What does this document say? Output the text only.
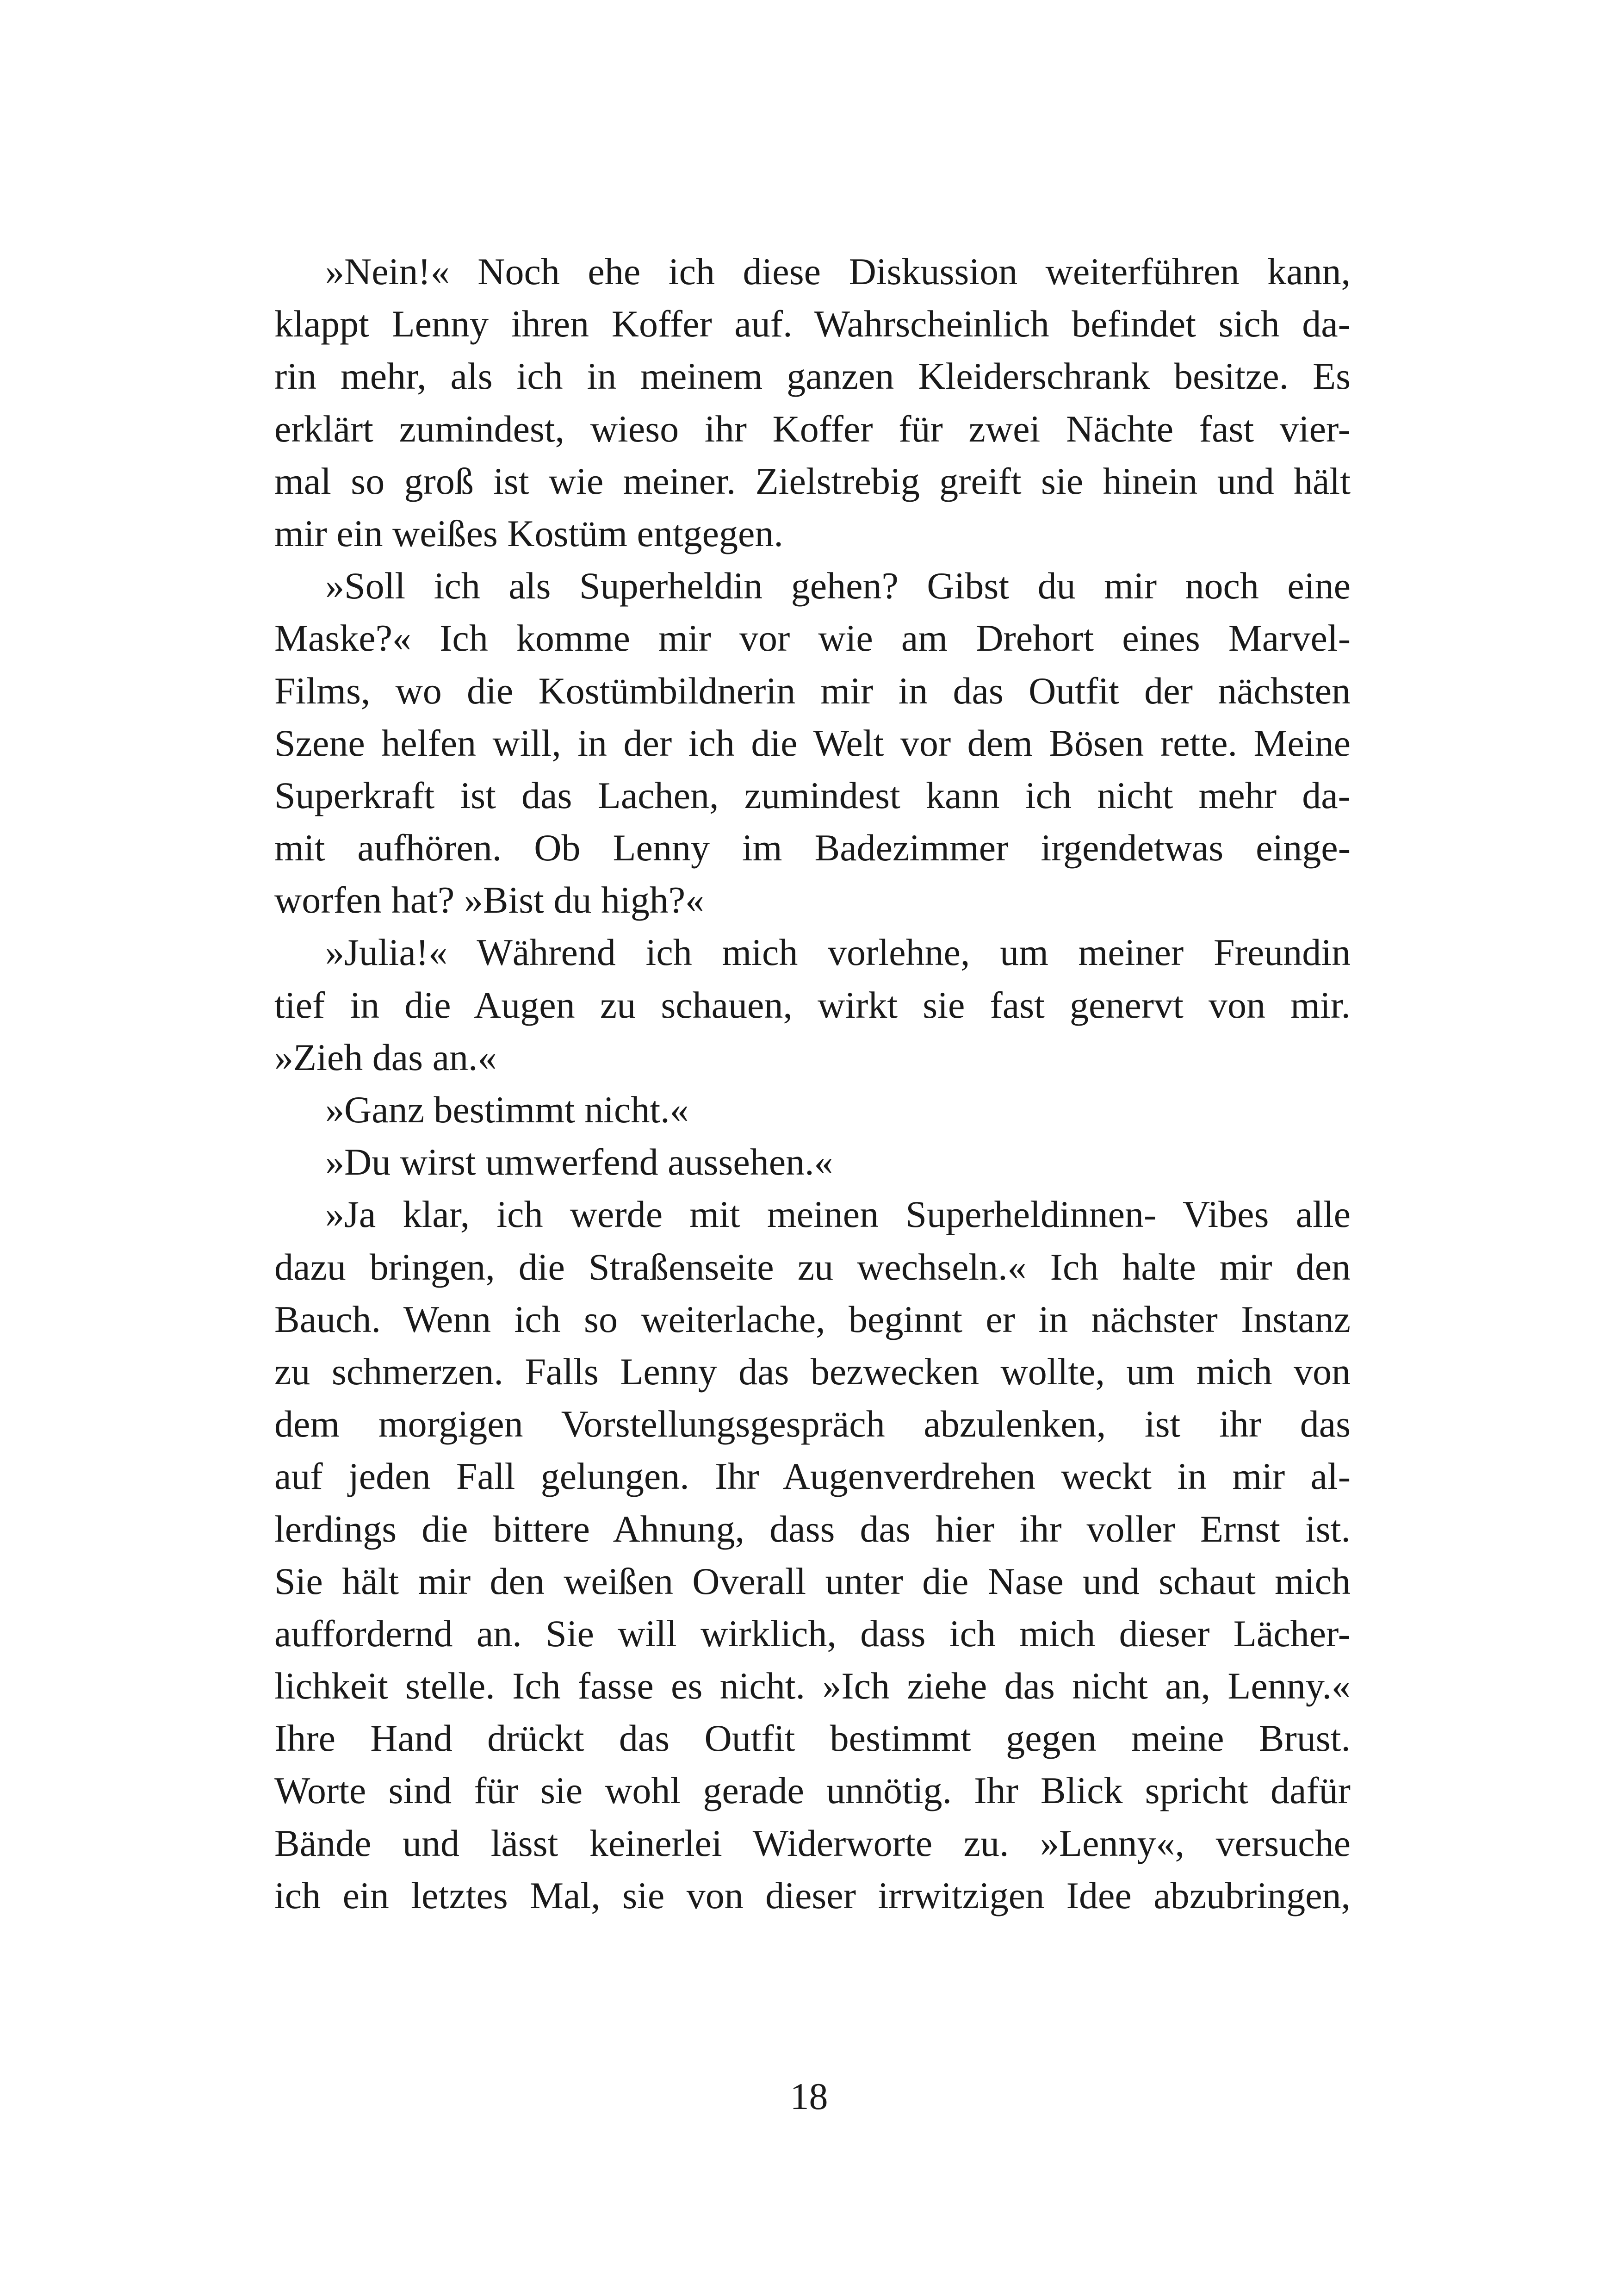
»Nein!« Noch ehe ich diese Diskussion weiterführen kann,
klappt Lenny ihren Koffer auf. Wahrscheinlich befindet sich da-
rin mehr, als ich in meinem ganzen Kleiderschrank besitze. Es
erklärt zumindest, wieso ihr Koffer für zwei Nächte fast vier-
mal so groß ist wie meiner. Zielstrebig greift sie hinein und hält
mir ein weißes Kostüm entgegen.
»Soll ich als Superheldin gehen? Gibst du mir noch eine
Maske?« Ich komme mir vor wie am Drehort eines Marvel-
Films, wo die Kostümbildnerin mir in das Outfit der nächsten
Szene helfen will, in der ich die Welt vor dem Bösen rette. Meine
Superkraft ist das Lachen, zumindest kann ich nicht mehr da-
mit aufhören. Ob Lenny im Badezimmer irgendetwas einge-
worfen hat? »Bist du high?«
»Julia!« Während ich mich vorlehne, um meiner Freundin
tief in die Augen zu schauen, wirkt sie fast genervt von mir.
»Zieh das an.«
»Ganz bestimmt nicht.«
»Du wirst umwerfend aussehen.«
»Ja klar, ich werde mit meinen Superheldinnen- Vibes alle
dazu bringen, die Straßenseite zu wechseln.« Ich halte mir den
Bauch. Wenn ich so weiterlache, beginnt er in nächster Instanz
zu schmerzen. Falls Lenny das bezwecken wollte, um mich von
dem morgigen Vorstellungsgespräch abzulenken, ist ihr das
auf jeden Fall gelungen. Ihr Augenverdrehen weckt in mir al-
lerdings die bittere Ahnung, dass das hier ihr voller Ernst ist.
Sie hält mir den weißen Overall unter die Nase und schaut mich
auffordernd an. Sie will wirklich, dass ich mich dieser Lächer-
lichkeit stelle. Ich fasse es nicht. »Ich ziehe das nicht an, Lenny.«
Ihre Hand drückt das Outfit bestimmt gegen meine Brust.
Worte sind für sie wohl gerade unnötig. Ihr Blick spricht dafür
Bände und lässt keinerlei Widerworte zu. »Lenny«, versuche
ich ein letztes Mal, sie von dieser irrwitzigen Idee abzubringen,
18
